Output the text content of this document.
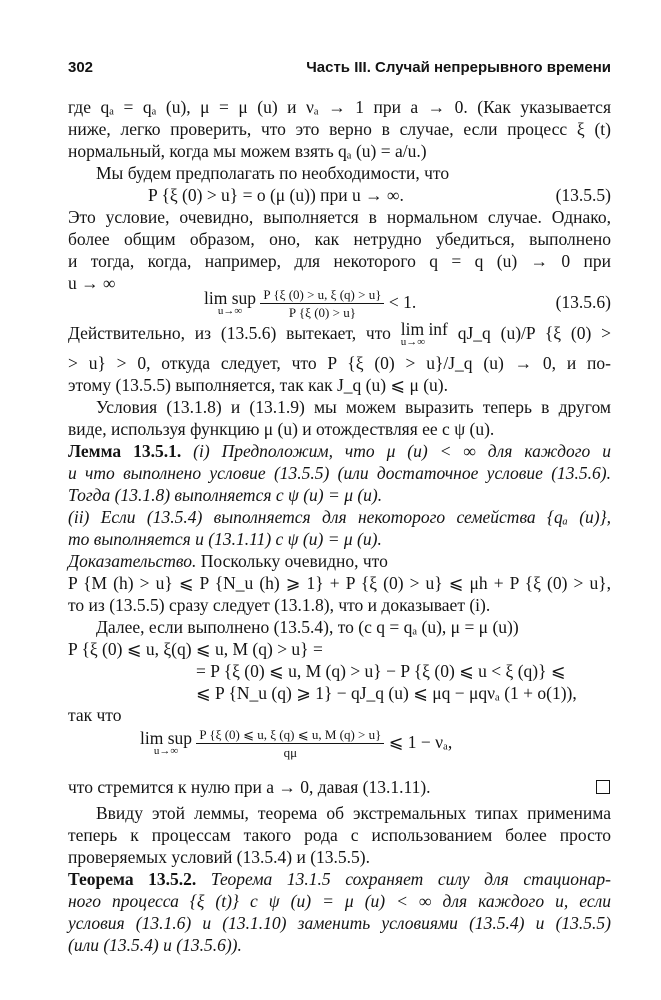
302	Часть III. Случай непрерывного времени
где qₐ = qₐ (u), μ = μ (u) и νₐ → 1 при a → 0. (Как указывается
ниже, легко проверить, что это верно в случае, если процесс ξ (t)
нормальный, когда мы можем взять qₐ (u) = a/u.)
Мы будем предполагать по необходимости, что
P {ξ (0) > u} = o (μ (u)) при u → ∞.	(13.5.5)
Это условие, очевидно, выполняется в нормальном случае. Однако,
более общим образом, оно, как нетрудно убедиться, выполнено
и тогда, когда, например, для некоторого q = q (u) → 0 при
u → ∞
lim sup
u→∞
	$\frac{P \{\xi (0) > u, \xi (q) > u\}}{P \{\xi (0) > u\}} < 1$.	(13.5.6)
Действительно, из (13.5.6) вытекает, что lim inf
u→∞	qJ_q (u)/P {ξ (0) >
> u} > 0, откуда следует, что P {ξ (0) > u}/J_q (u) → 0, и по-
этому (13.5.5) выполняется, так как J_q (u) ⩽ μ (u).
Условия (13.1.8) и (13.1.9) мы можем выразить теперь в другом
виде, используя функцию μ (u) и отождествляя ее с ψ (u).
Лемма 13.5.1. (i) Предположим, что μ (u) < ∞ для каждого u
и что выполнено условие (13.5.5) (или достаточное условие (13.5.6).
Тогда (13.1.8) выполняется с ψ (u) = μ (u).
(ii) Если (13.5.4) выполняется для некоторого семейства {qₐ (u)},
то выполняется и (13.1.11) с ψ (u) = μ (u).
Доказательство. Поскольку очевидно, что
P {M (h) > u} ⩽ P {N_u (h) ⩾ 1} + P {ξ (0) > u} ⩽ μh + P {ξ (0) > u},
то из (13.5.5) сразу следует (13.1.8), что и доказывает (i).
Далее, если выполнено (13.5.4), то (с q = qₐ (u), μ = μ (u))
P {ξ (0) ⩽ u, ξ(q) ⩽ u, M (q) > u} =
= P {ξ (0) ⩽ u, M (q) > u} − P {ξ (0) ⩽ u < ξ (q)} ⩽
⩽ P {N_u (q) ⩾ 1} − qJ_q (u) ⩽ μq − μqνₐ (1 + o(1)),
так что
lim sup
u→∞
	$\frac{P \{\xi (0) ⩽ u, \xi (q) ⩽ u, M (q) > u\}}{q\mu}$ ⩽ 1 − νₐ,
что стремится к нулю при a → 0, давая (13.1.11).
Ввиду этой леммы, теорема об экстремальных типах применима
теперь к процессам такого рода с использованием более просто
проверяемых условий (13.5.4) и (13.5.5).
Теорема 13.5.2. Теорема 13.1.5 сохраняет силу для стационар-
ного процесса {ξ (t)} с ψ (u) = μ (u) < ∞ для каждого u, если
условия (13.1.6) и (13.1.10) заменить условиями (13.5.4) и (13.5.5)
(или (13.5.4) и (13.5.6)).
